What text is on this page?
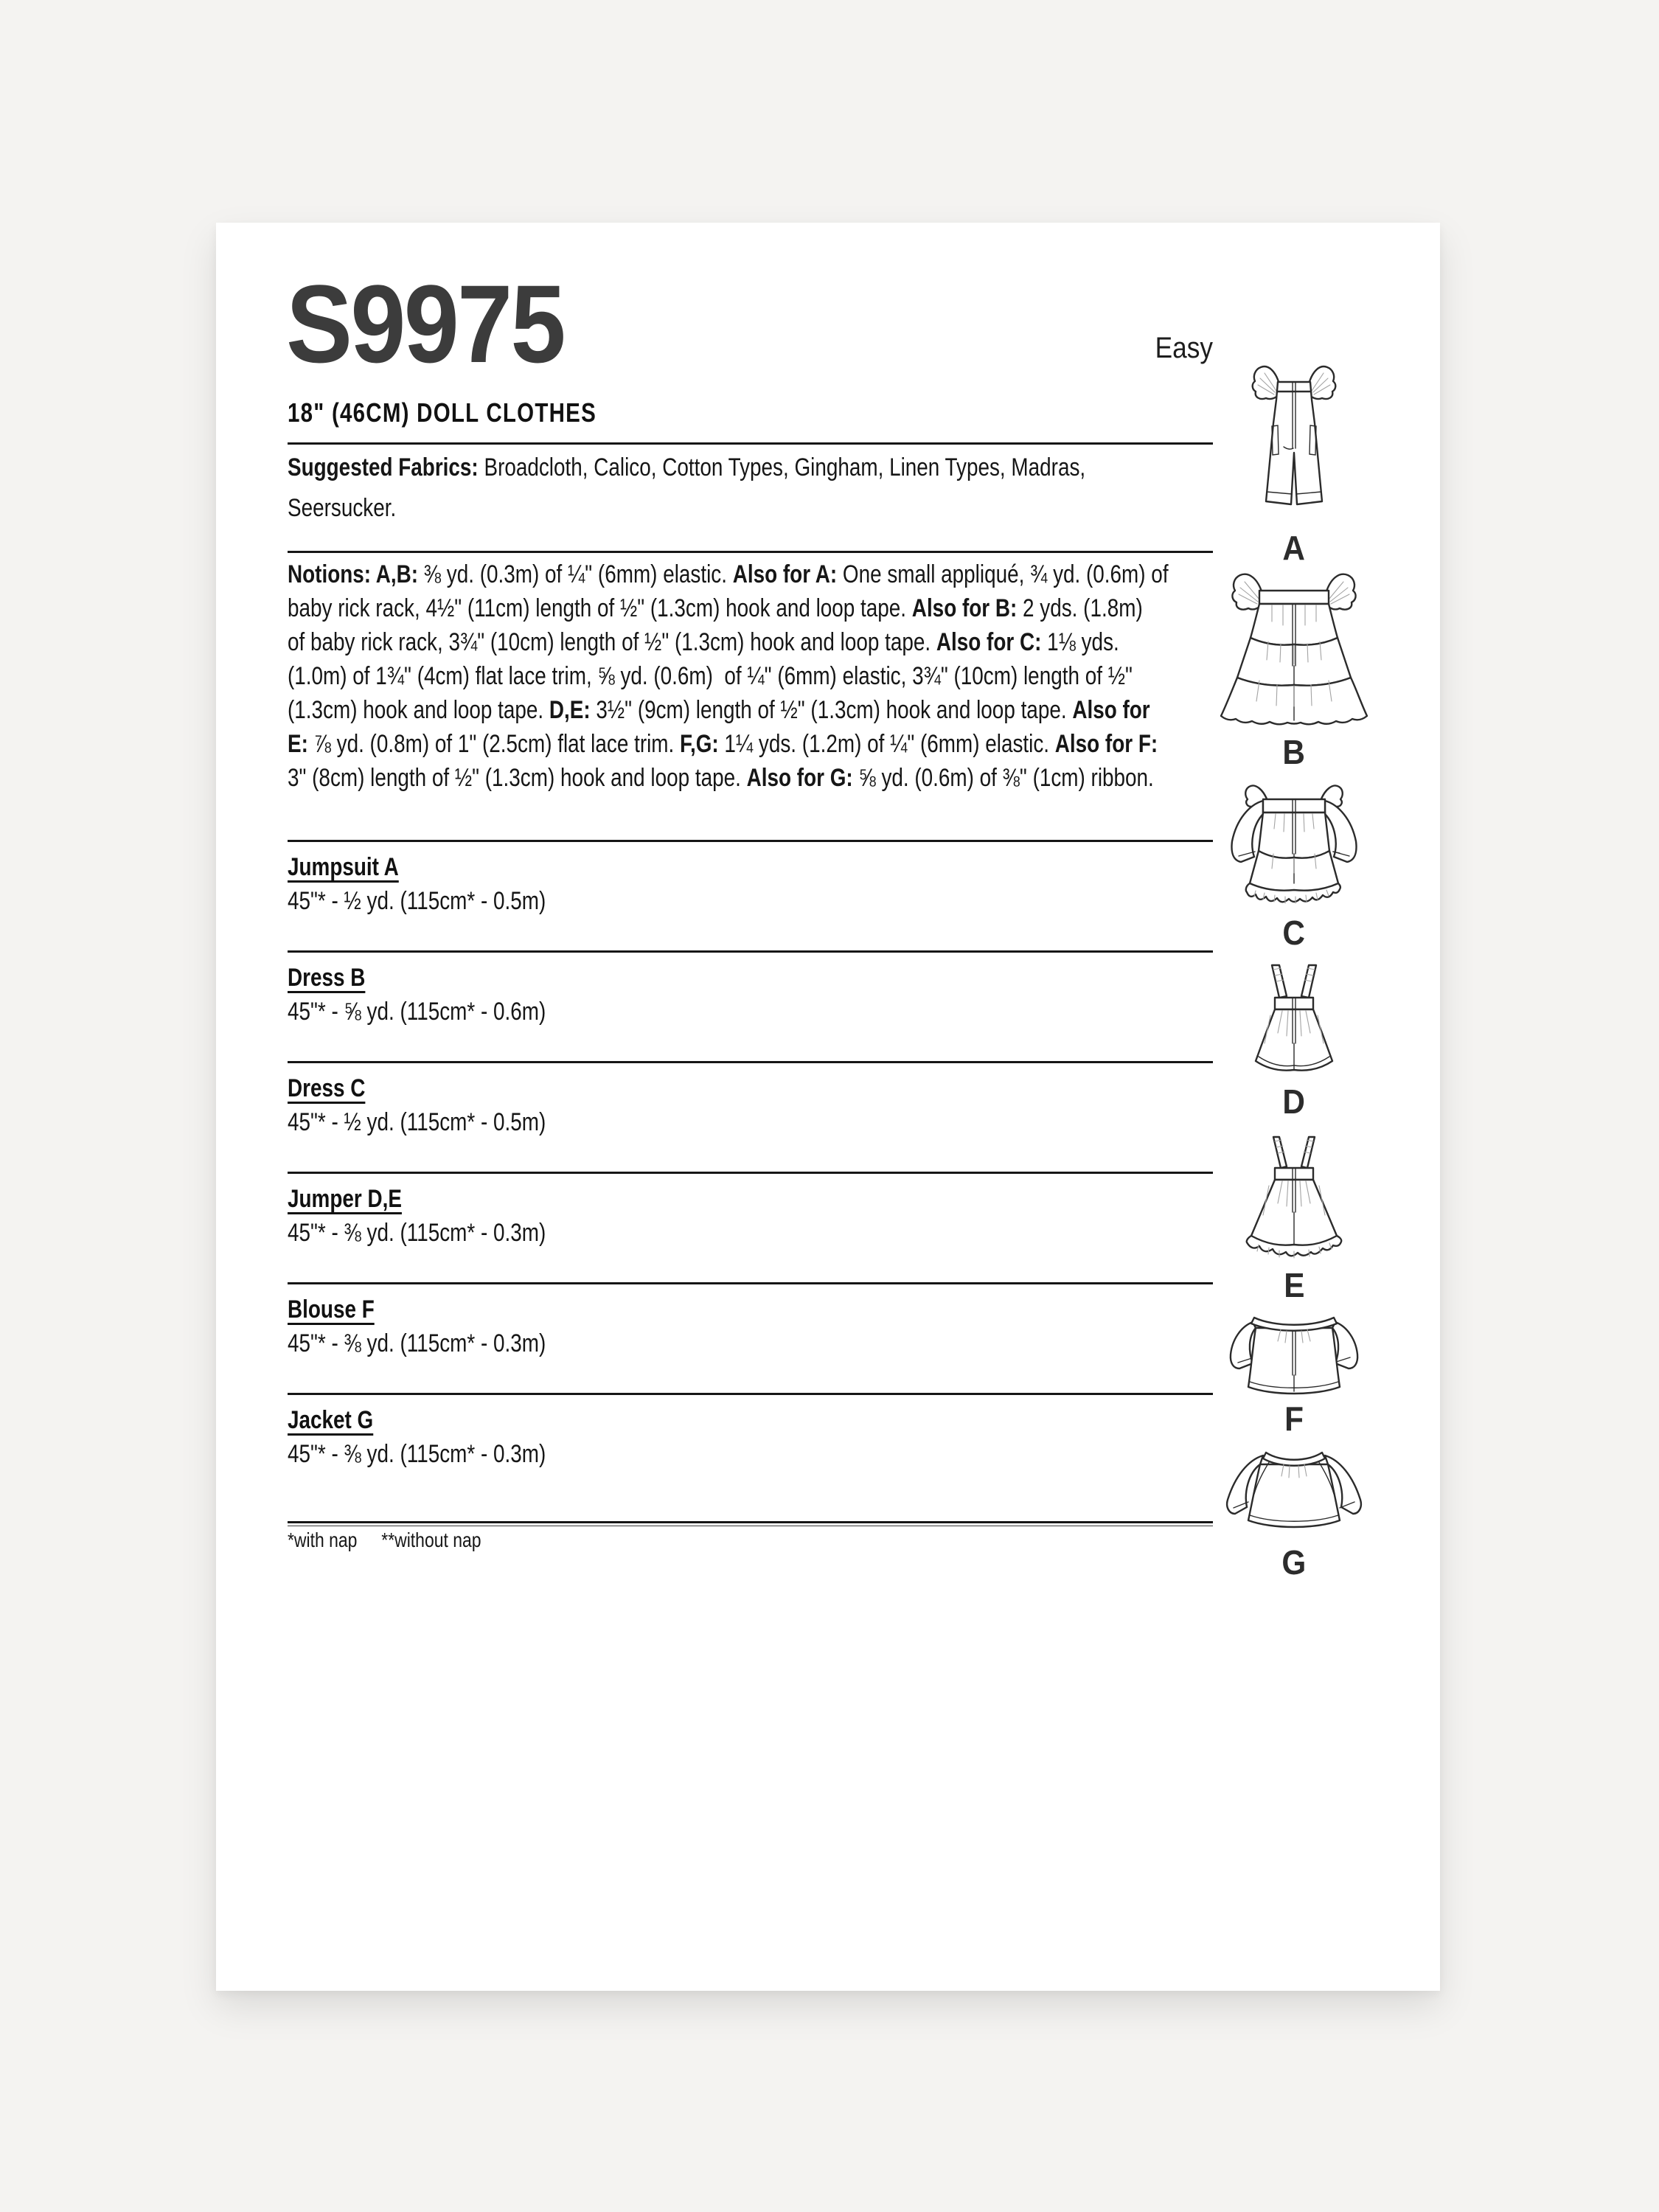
S9975	Easy
18" (46CM) DOLL CLOTHES
Suggested Fabrics: Broadcloth, Calico, Cotton Types, Gingham, Linen Types, Madras,
Seersucker.
Notions: A,B: ⅜ yd. (0.3m) of ¼" (6mm) elastic. Also for A: One small appliqué, ¾ yd. (0.6m) of
baby rick rack, 4½" (11cm) length of ½" (1.3cm) hook and loop tape. Also for B: 2 yds. (1.8m)
of baby rick rack, 3¾" (10cm) length of ½" (1.3cm) hook and loop tape. Also for C: 1⅛ yds.
(1.0m) of 1¾" (4cm) flat lace trim, ⅝ yd. (0.6m)  of ¼" (6mm) elastic, 3¾" (10cm) length of ½"
(1.3cm) hook and loop tape. D,E: 3½" (9cm) length of ½" (1.3cm) hook and loop tape. Also for
E: ⅞ yd. (0.8m) of 1" (2.5cm) flat lace trim. F,G: 1¼ yds. (1.2m) of ¼" (6mm) elastic. Also for F:
3" (8cm) length of ½" (1.3cm) hook and loop tape. Also for G: ⅝ yd. (0.6m) of ⅜" (1cm) ribbon.
Jumpsuit A
45"* - ½ yd. (115cm* - 0.5m)
Dress B
45"* - ⅝ yd. (115cm* - 0.6m)
Dress C
45"* - ½ yd. (115cm* - 0.5m)
Jumper D,E
45"* - ⅜ yd. (115cm* - 0.3m)
Blouse F
45"* - ⅜ yd. (115cm* - 0.3m)
Jacket G
45"* - ⅜ yd. (115cm* - 0.3m)
*with nap **without nap
A
B
C
D
E
F
G
